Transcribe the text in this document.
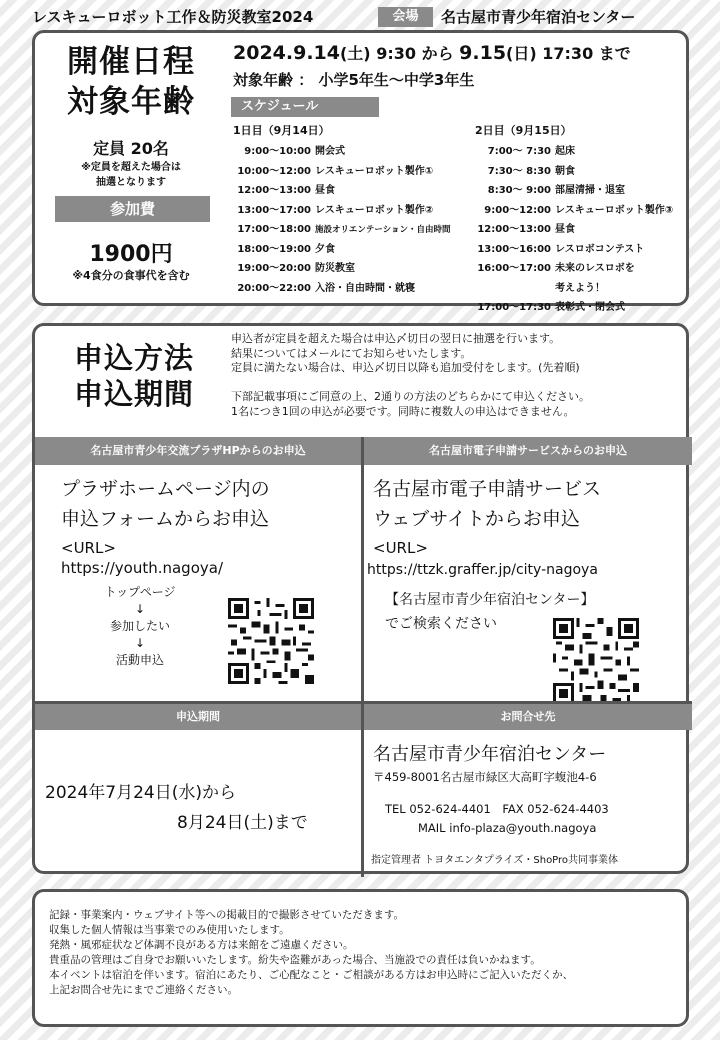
レスキューロボット工作＆防災教室2024	会場	名古屋市青少年宿泊センター
開催日程
対象年齢
定員 20名
※定員を超えた場合は
抽選となります
参加費
1900円
※4食分の食事代を含む
2024.9.14(土) 9:30 から 9.15(日) 17:30 まで
対象年齢 ： 小学5年生〜中学3年生
スケジュール
1日目（9月14日）	2日目（9月15日）
9:00〜10:00 開会式
10:00〜12:00 レスキューロボット製作①
12:00〜13:00 昼食
13:00〜17:00 レスキューロボット製作②
17:00〜18:00 施設オリエンテーション・自由時間
18:00〜19:00 夕食
19:00〜20:00 防災教室
20:00〜22:00 入浴・自由時間・就寝
7:00〜 7:30 起床
7:30〜 8:30 朝食
8:30〜 9:00 部屋清掃・退室
9:00〜12:00 レスキューロボット製作③
12:00〜13:00 昼食
13:00〜16:00 レスロボコンテスト
16:00〜17:00 未来のレスロボを
考えよう！
17:00〜17:30 表彰式・閉会式
申込方法
申込期間
申込者が定員を超えた場合は申込〆切日の翌日に抽選を行います。
結果についてはメールにてお知らせいたします。
定員に満たない場合は、申込〆切日以降も追加受付をします。(先着順)
下部記載事項にご同意の上、2通りの方法のどちらかにて申込ください。
1名につき1回の申込が必要です。同時に複数人の申込はできません。
名古屋市青少年交流プラザHPからのお申込	名古屋市電子申請サービスからのお申込
プラザホームページ内の
申込フォームからお申込
<URL>
https://youth.nagoya/
トップページ
↓
参加したい
↓
活動申込
名古屋市電子申請サービス
ウェブサイトからお申込
<URL>
https://ttzk.graffer.jp/city-nagoya
【名古屋市青少年宿泊センター】
でご検索ください
申込期間	お問合せ先
2024年7月24日(水)から
8月24日(土)まで
名古屋市青少年宿泊センター
〒459-8001名古屋市緑区大高町字蝮池4-6
TEL 052-624-4401　FAX 052-624-4403
MAIL info-plaza@youth.nagoya
指定管理者 トヨタエンタプライズ・ShoPro共同事業体
記録・事業案内・ウェブサイト等への掲載目的で撮影させていただきます。
収集した個人情報は当事業でのみ使用いたします。
発熱・風邪症状など体調不良がある方は来館をご遠慮ください。
貴重品の管理はご自身でお願いいたします。紛失や盗難があった場合、当施設での責任は負いかねます。
本イベントは宿泊を伴います。宿泊にあたり、ご心配なこと・ご相談がある方はお申込時にご記入いただくか、
上記お問合せ先にまでご連絡ください。
